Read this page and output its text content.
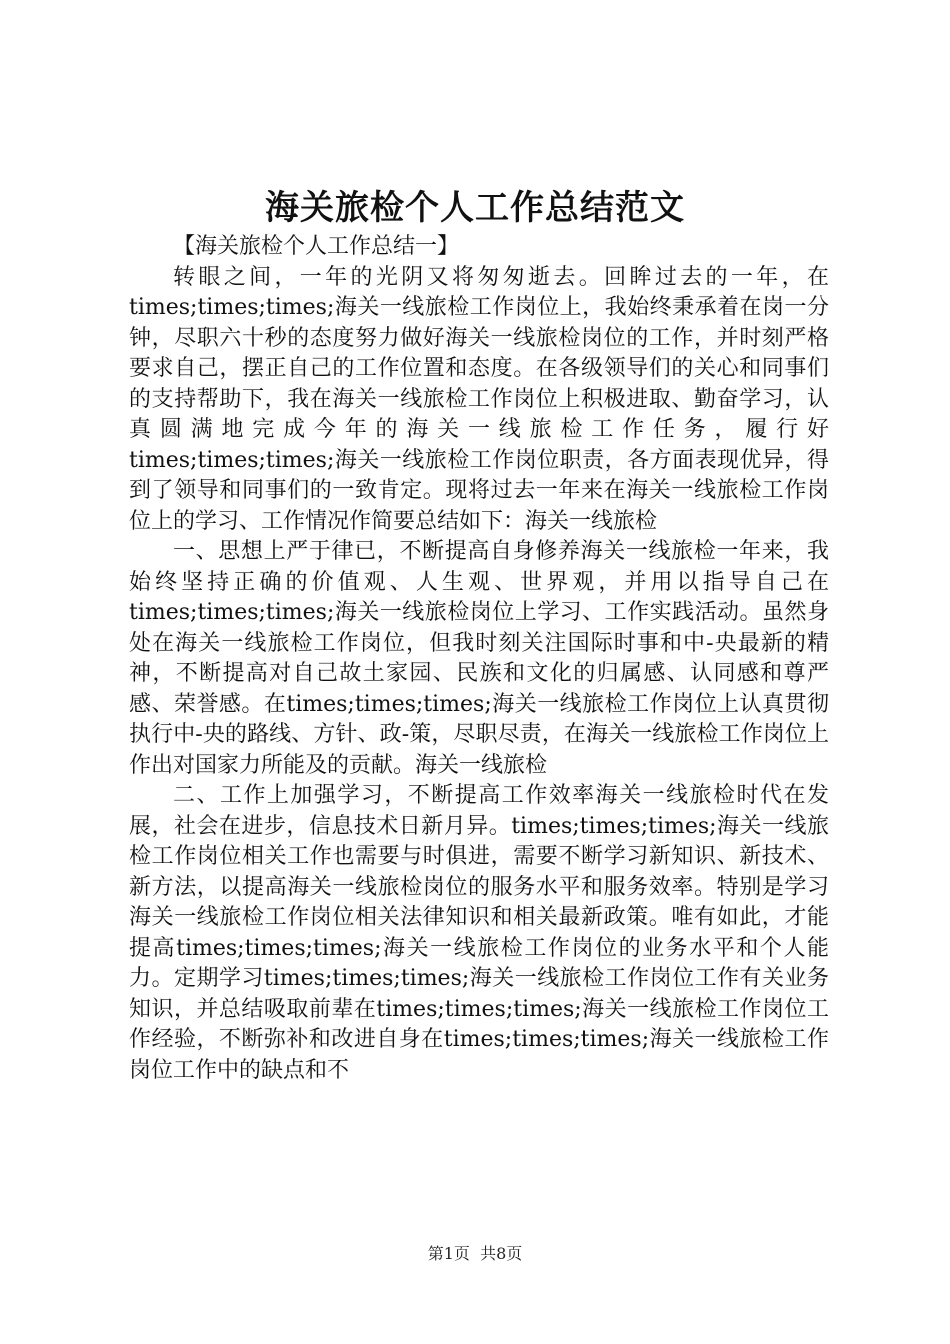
海关旅检个人工作总结范文

【海关旅检个人工作总结一】

转眼之间，一年的光阴又将匆匆逝去。回眸过去的一年，在times;times;times;海关一线旅检工作岗位上，我始终秉承着在岗一分钟，尽职六十秒的态度努力做好海关一线旅检岗位的工作，并时刻严格要求自己，摆正自己的工作位置和态度。在各级领导们的关心和同事们的支持帮助下，我在海关一线旅检工作岗位上积极进取、勤奋学习，认真圆满地完成今年的海关一线旅检工作任务，履行好times;times;times;海关一线旅检工作岗位职责，各方面表现优异，得到了领导和同事们的一致肯定。现将过去一年来在海关一线旅检工作岗位上的学习、工作情况作简要总结如下：海关一线旅检

一、思想上严于律已，不断提高自身修养海关一线旅检一年来，我始终坚持正确的价值观、人生观、世界观，并用以指导自己在times;times;times;海关一线旅检岗位上学习、工作实践活动。虽然身处在海关一线旅检工作岗位，但我时刻关注国际时事和中-央最新的精神，不断提高对自己故土家园、民族和文化的归属感、认同感和尊严感、荣誉感。在times;times;times;海关一线旅检工作岗位上认真贯彻执行中-央的路线、方针、政-策，尽职尽责，在海关一线旅检工作岗位上作出对国家力所能及的贡献。海关一线旅检

二、工作上加强学习，不断提高工作效率海关一线旅检时代在发展，社会在进步，信息技术日新月异。times;times;times;海关一线旅检工作岗位相关工作也需要与时俱进，需要不断学习新知识、新技术、新方法，以提高海关一线旅检岗位的服务水平和服务效率。特别是学习海关一线旅检工作岗位相关法律知识和相关最新政策。唯有如此，才能提高times;times;times;海关一线旅检工作岗位的业务水平和个人能力。定期学习times;times;times;海关一线旅检工作岗位工作有关业务知识，并总结吸取前辈在times;times;times;海关一线旅检工作岗位工作经验，不断弥补和改进自身在times;times;times;海关一线旅检工作岗位工作中的缺点和不

第1页 共8页
